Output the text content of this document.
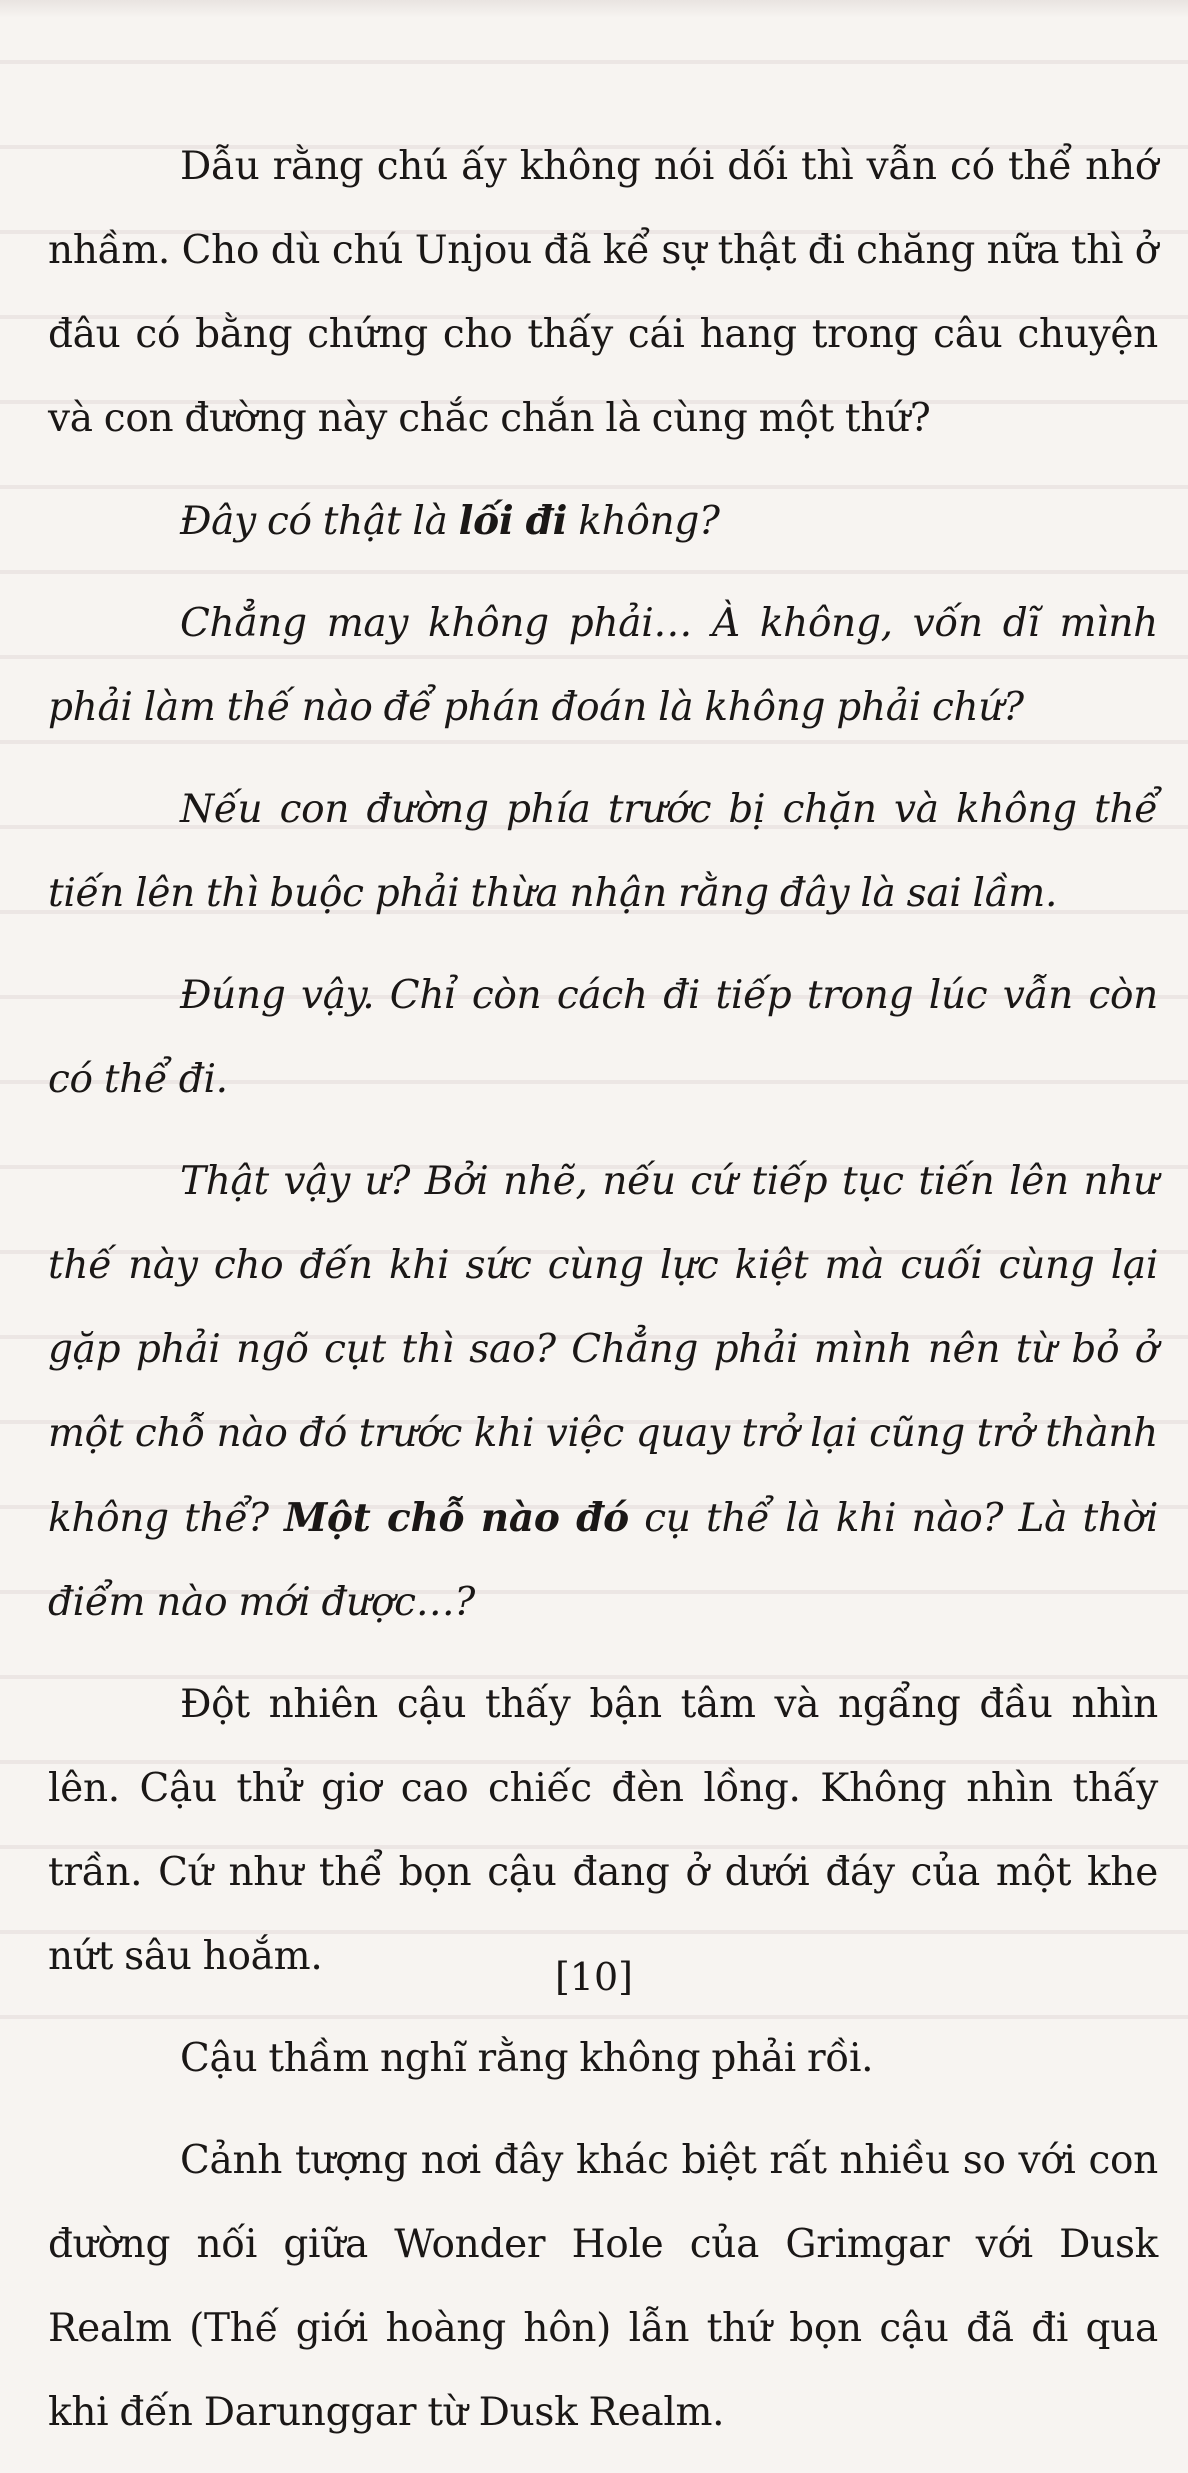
Dẫu rằng chú ấy không nói dối thì vẫn có thể nhớ nhầm. Cho dù chú Unjou đã kể sự thật đi chăng nữa thì ở đâu có bằng chứng cho thấy cái hang trong câu chuyện và con đường này chắc chắn là cùng một thứ?

Đây có thật là lối đi không?

Chẳng may không phải… À không, vốn dĩ mình phải làm thế nào để phán đoán là không phải chứ?

Nếu con đường phía trước bị chặn và không thể tiến lên thì buộc phải thừa nhận rằng đây là sai lầm.

Đúng vậy. Chỉ còn cách đi tiếp trong lúc vẫn còn có thể đi.

Thật vậy ư? Bởi nhẽ, nếu cứ tiếp tục tiến lên như thế này cho đến khi sức cùng lực kiệt mà cuối cùng lại gặp phải ngõ cụt thì sao? Chẳng phải mình nên từ bỏ ở một chỗ nào đó trước khi việc quay trở lại cũng trở thành không thể? Một chỗ nào đó cụ thể là khi nào? Là thời điểm nào mới được…?

Đột nhiên cậu thấy bận tâm và ngẩng đầu nhìn lên. Cậu thử giơ cao chiếc đèn lồng. Không nhìn thấy trần. Cứ như thể bọn cậu đang ở dưới đáy của một khe nứt sâu hoắm.

Cậu thầm nghĩ rằng không phải rồi.

Cảnh tượng nơi đây khác biệt rất nhiều so với con đường nối giữa Wonder Hole của Grimgar với Dusk Realm (Thế giới hoàng hôn) lẫn thứ bọn cậu đã đi qua khi đến Darunggar từ Dusk Realm.

[10]
